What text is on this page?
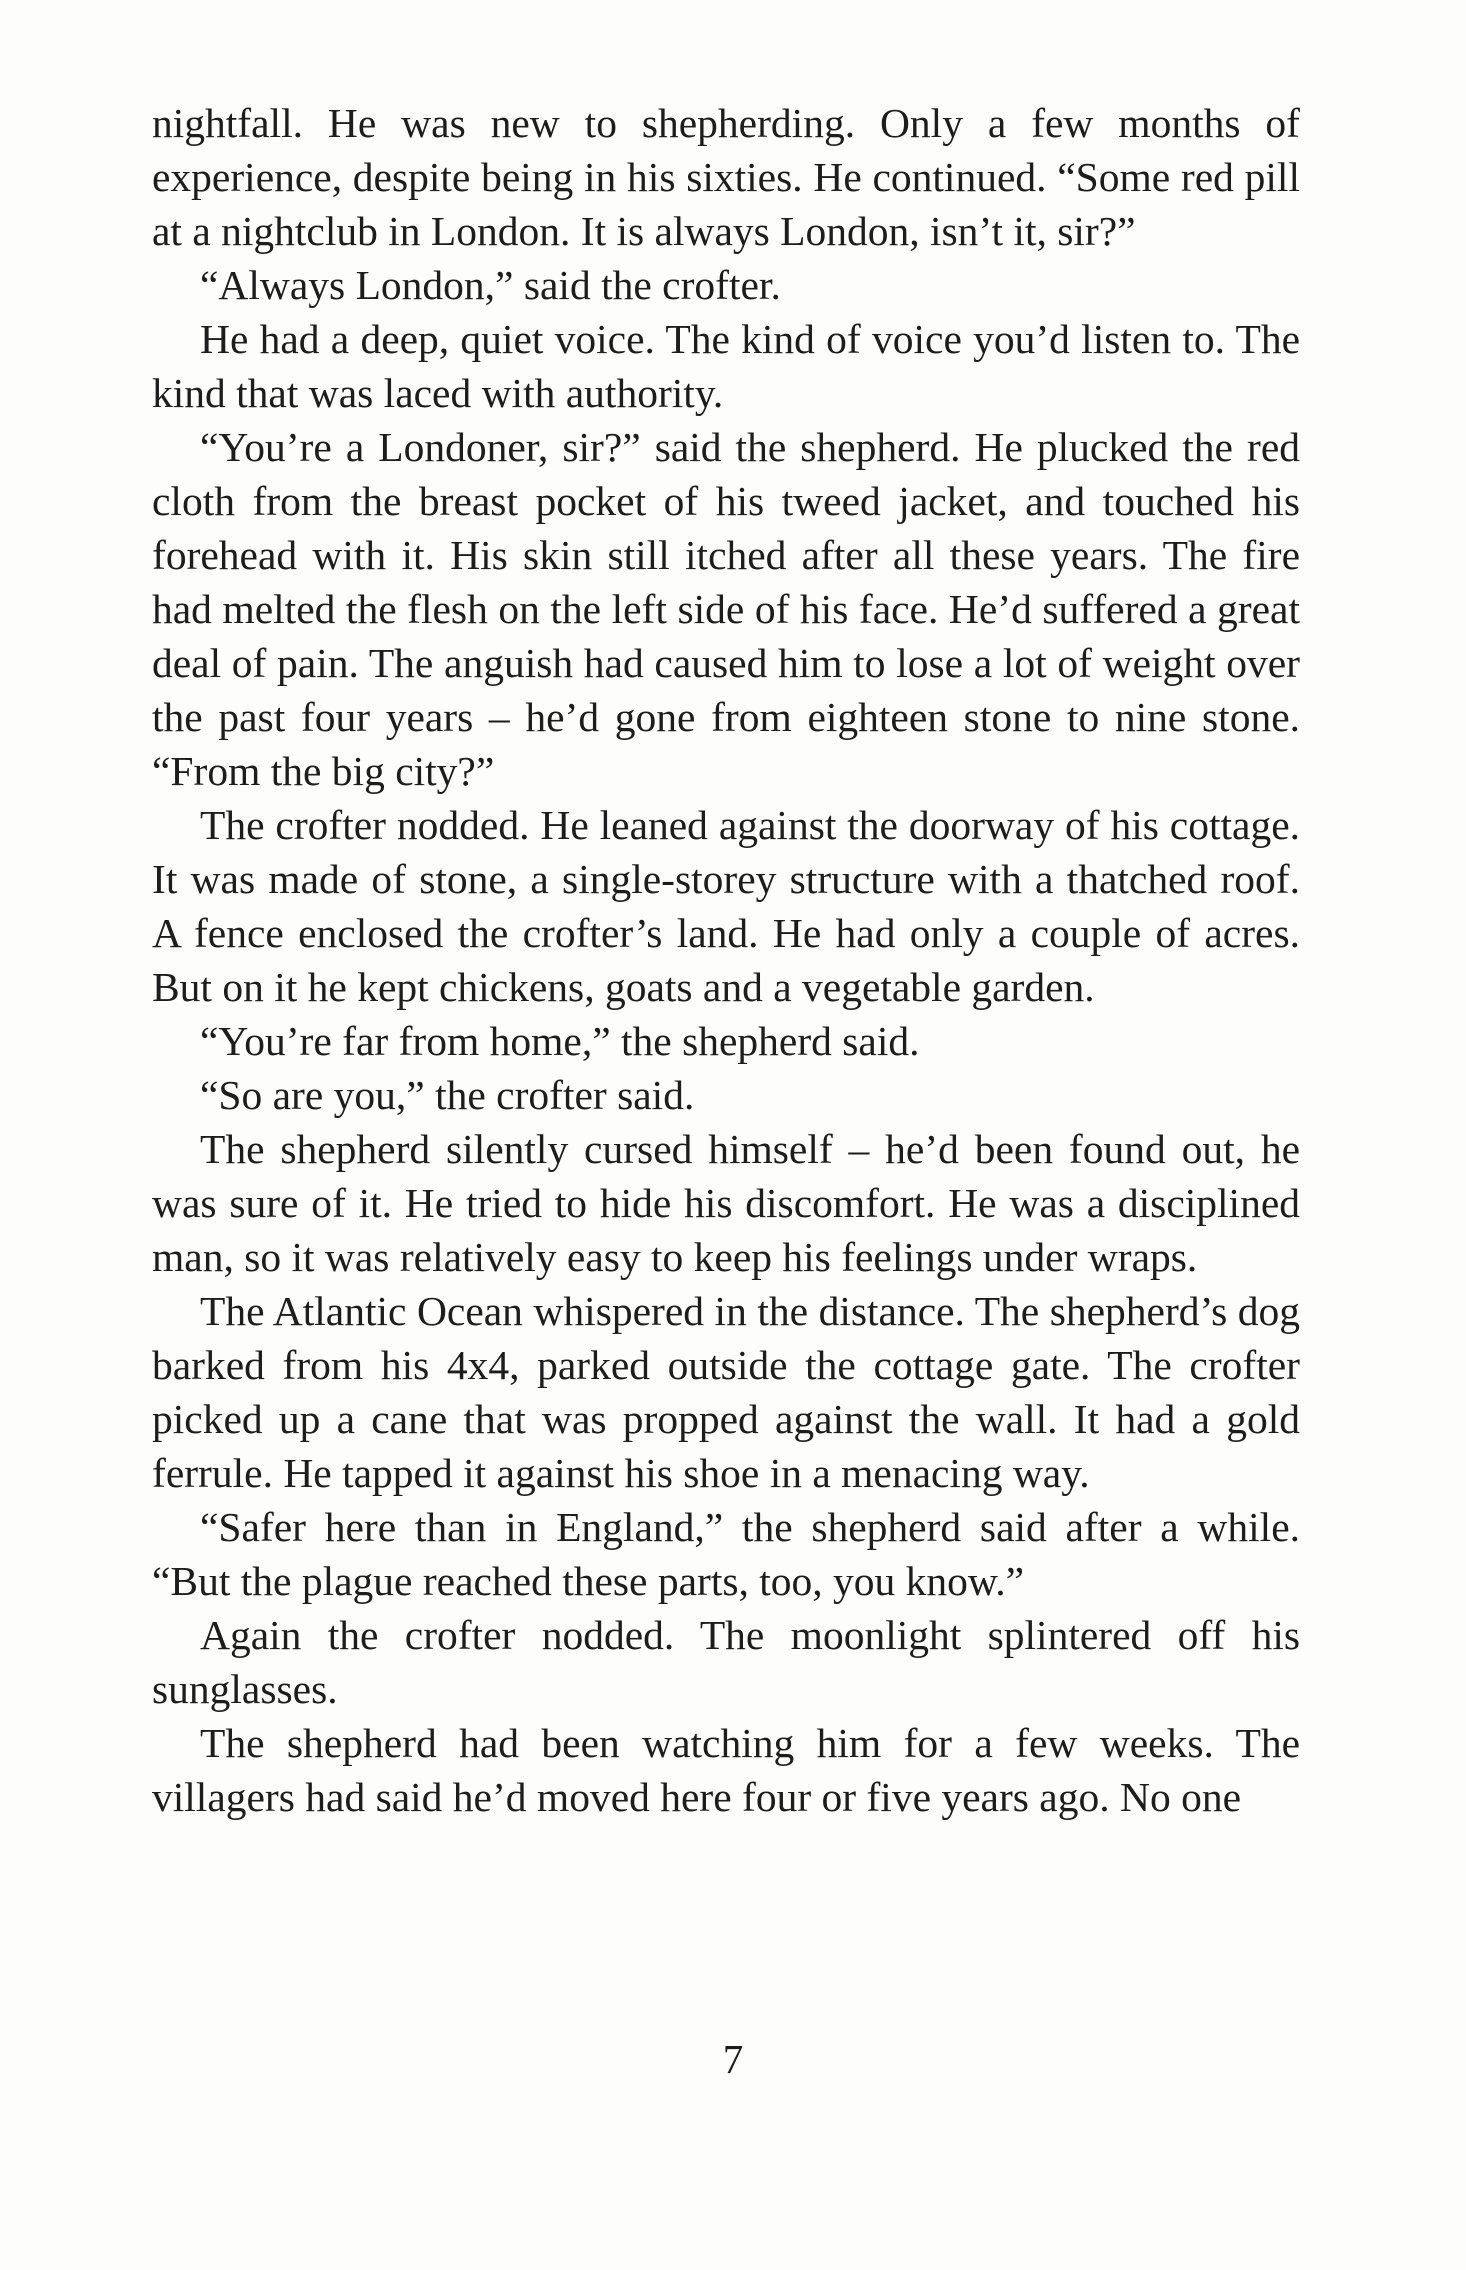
nightfall. He was new to shepherding. Only a few months of experience, despite being in his sixties. He continued. “Some red pill at a nightclub in London. It is always London, isn’t it, sir?”

“Always London,” said the crofter.

He had a deep, quiet voice. The kind of voice you’d listen to. The kind that was laced with authority.

“You’re a Londoner, sir?” said the shepherd. He plucked the red cloth from the breast pocket of his tweed jacket, and touched his forehead with it. His skin still itched after all these years. The fire had melted the flesh on the left side of his face. He’d suffered a great deal of pain. The anguish had caused him to lose a lot of weight over the past four years – he’d gone from eighteen stone to nine stone. “From the big city?”

The crofter nodded. He leaned against the doorway of his cottage. It was made of stone, a single-storey structure with a thatched roof. A fence enclosed the crofter’s land. He had only a couple of acres. But on it he kept chickens, goats and a vegetable garden.

“You’re far from home,” the shepherd said.

“So are you,” the crofter said.

The shepherd silently cursed himself – he’d been found out, he was sure of it. He tried to hide his discomfort. He was a disciplined man, so it was relatively easy to keep his feelings under wraps.

The Atlantic Ocean whispered in the distance. The shepherd’s dog barked from his 4x4, parked outside the cottage gate. The crofter picked up a cane that was propped against the wall. It had a gold ferrule. He tapped it against his shoe in a menacing way.

“Safer here than in England,” the shepherd said after a while. “But the plague reached these parts, too, you know.”

Again the crofter nodded. The moonlight splintered off his sunglasses.

The shepherd had been watching him for a few weeks. The villagers had said he’d moved here four or five years ago. No one

7
